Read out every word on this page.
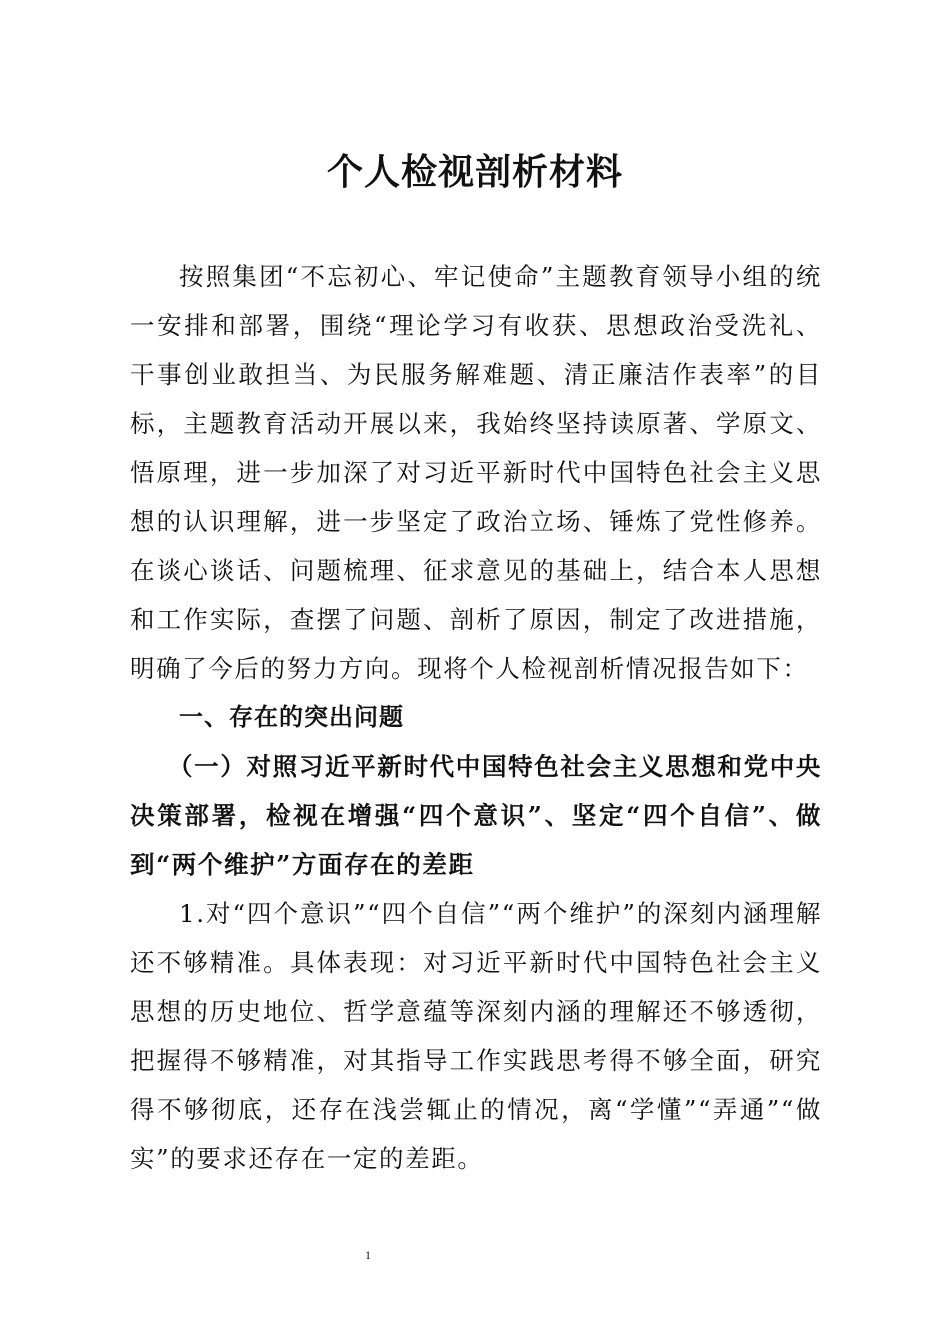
个人检视剖析材料

按照集团“不忘初心、牢记使命”主题教育领导小组的统一安排和部署，围绕“理论学习有收获、思想政治受洗礼、干事创业敢担当、为民服务解难题、清正廉洁作表率”的目标，主题教育活动开展以来，我始终坚持读原著、学原文、悟原理，进一步加深了对习近平新时代中国特色社会主义思想的认识理解，进一步坚定了政治立场、锤炼了党性修养。在谈心谈话、问题梳理、征求意见的基础上，结合本人思想和工作实际，查摆了问题、剖析了原因，制定了改进措施，明确了今后的努力方向。现将个人检视剖析情况报告如下：

一、存在的突出问题

（一）对照习近平新时代中国特色社会主义思想和党中央决策部署，检视在增强“四个意识”、坚定“四个自信”、做到“两个维护”方面存在的差距

1.对“四个意识”“四个自信”“两个维护”的深刻内涵理解还不够精准。具体表现：对习近平新时代中国特色社会主义思想的历史地位、哲学意蕴等深刻内涵的理解还不够透彻，把握得不够精准，对其指导工作实践思考得不够全面，研究得不够彻底，还存在浅尝辄止的情况，离“学懂”“弄通”“做实”的要求还存在一定的差距。

1
